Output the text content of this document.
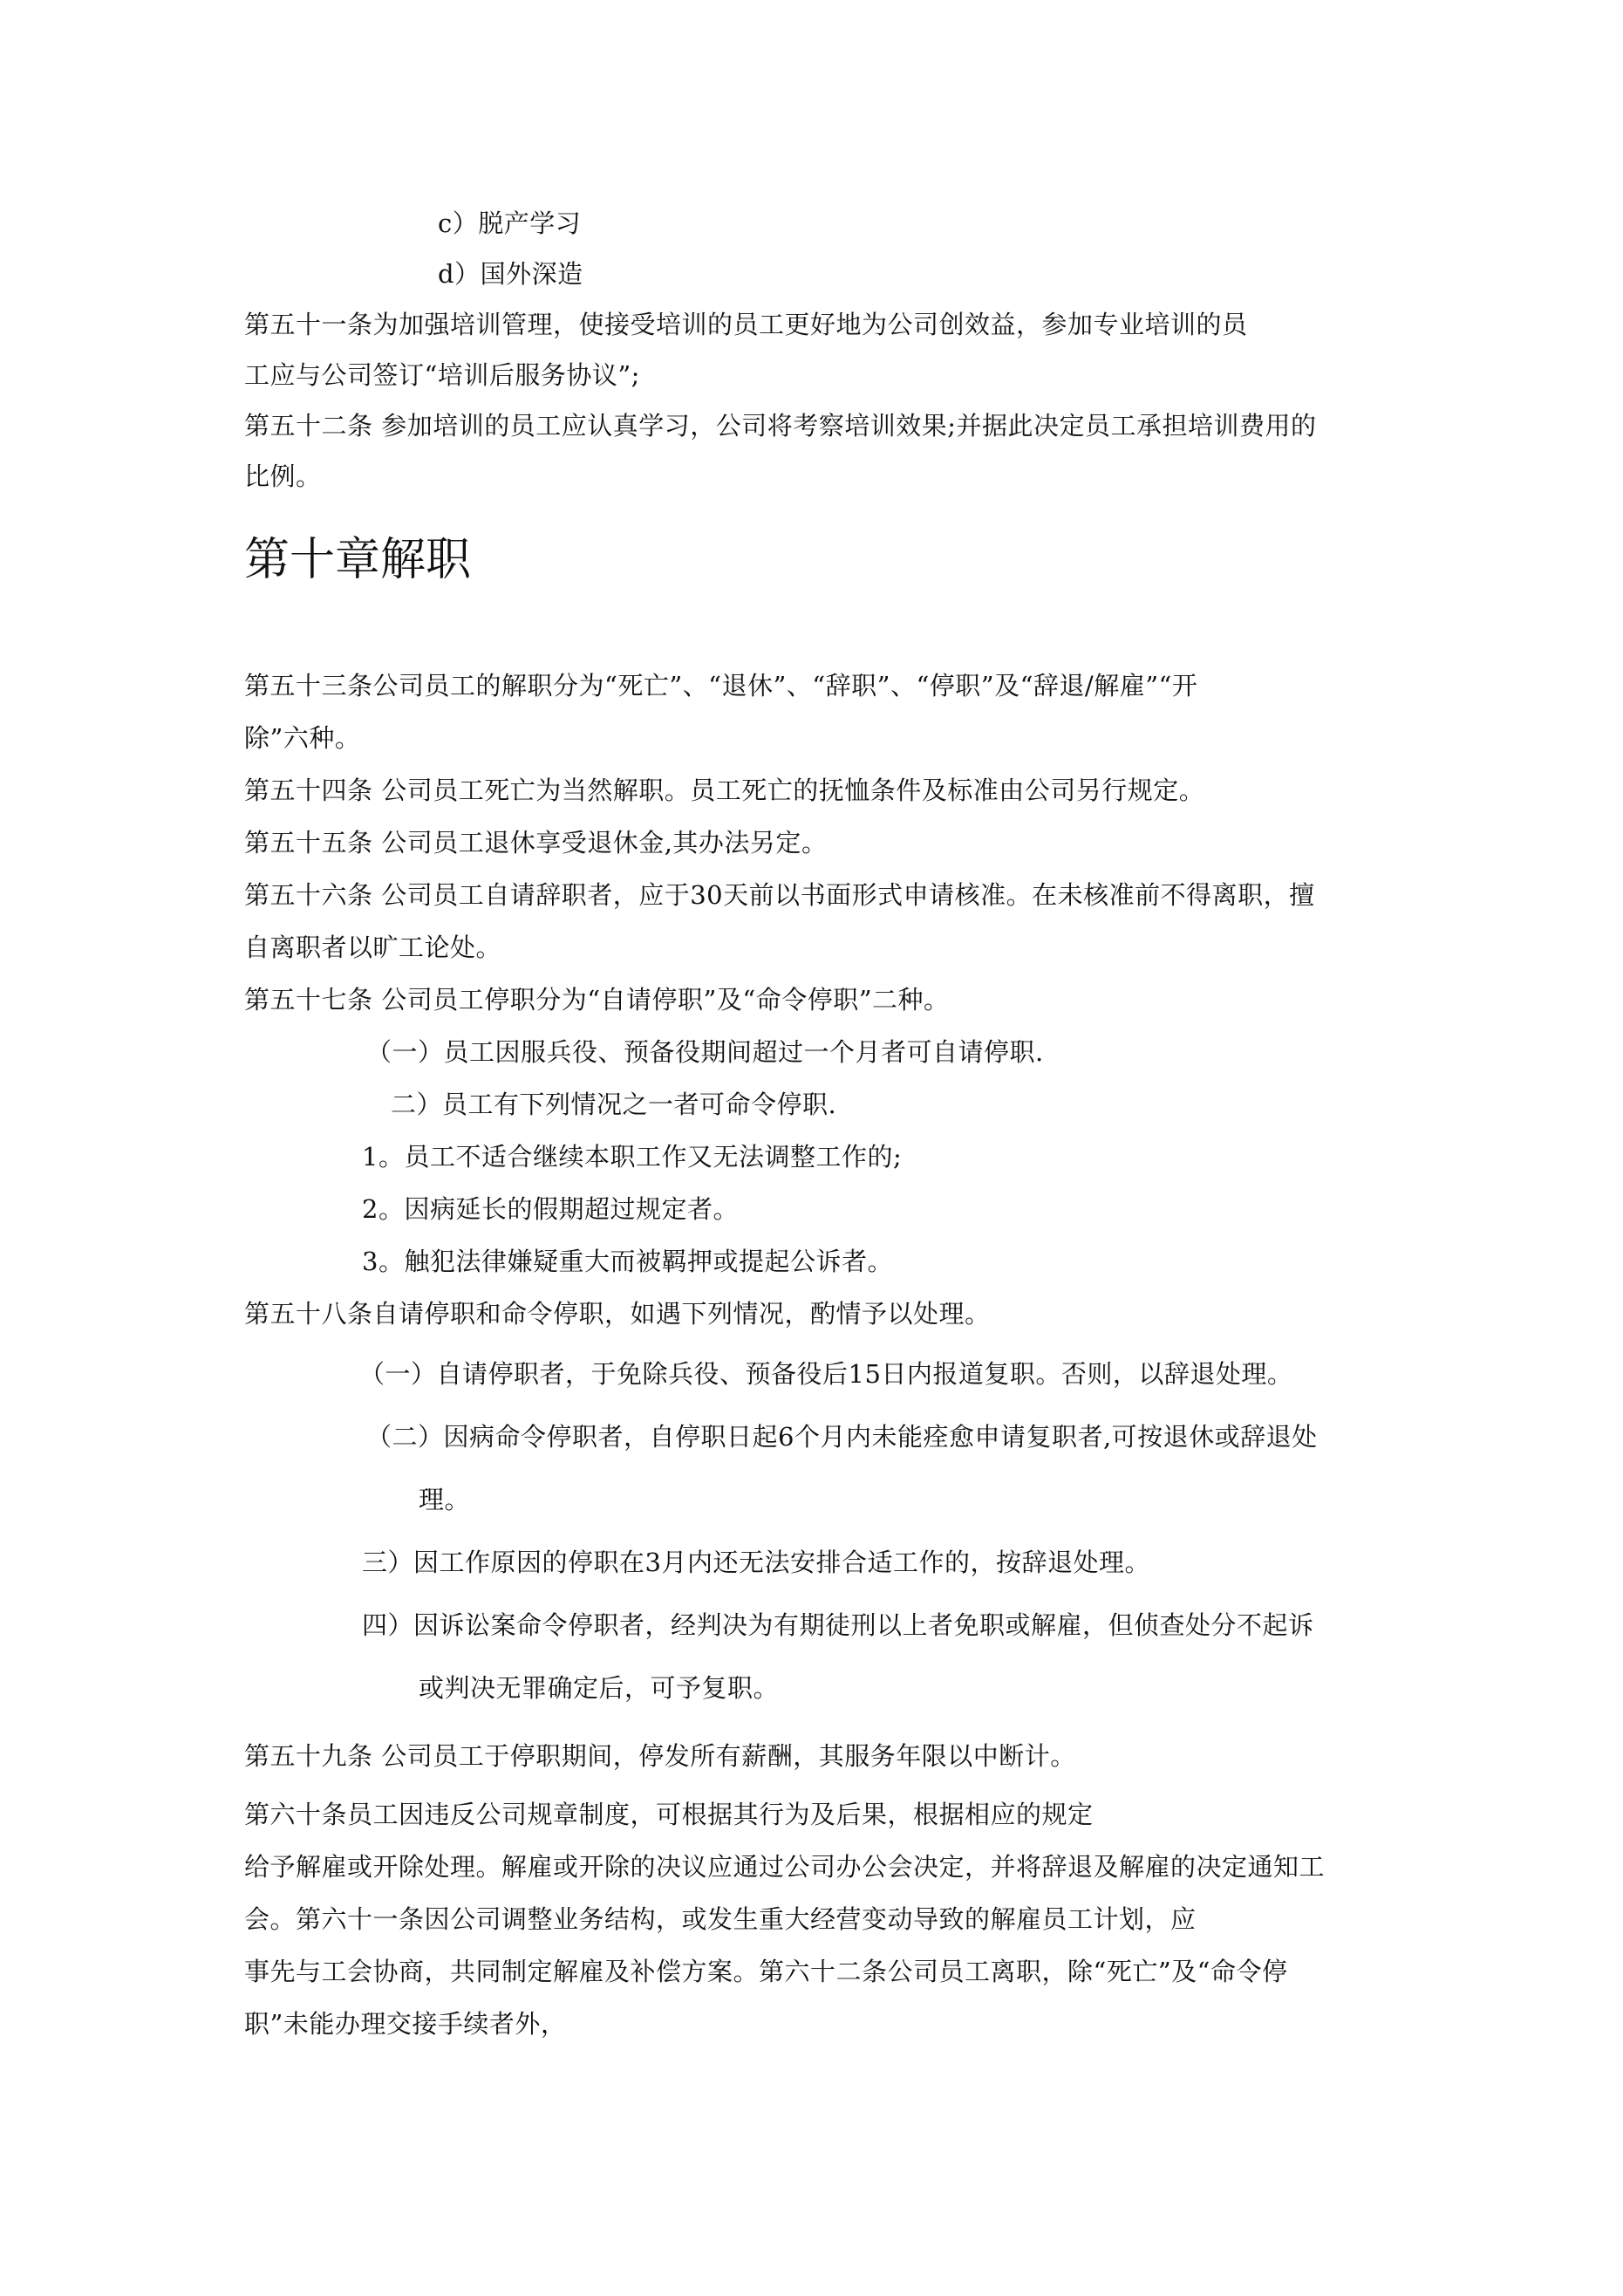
c）脱产学习
d）国外深造
第五十一条为加强培训管理，使接受培训的员工更好地为公司创效益，参加专业培训的员
工应与公司签订“培训后服务协议”;
第五十二条 参加培训的员工应认真学习，公司将考察培训效果;并据此决定员工承担培训费用的
比例。
第十章解职
第五十三条公司员工的解职分为“死亡”、“退休”、“辞职”、“停职”及“辞退/解雇”“开
除”六种。
第五十四条 公司员工死亡为当然解职。员工死亡的抚恤条件及标准由公司另行规定。
第五十五条 公司员工退休享受退休金,其办法另定。
第五十六条 公司员工自请辞职者，应于30天前以书面形式申请核准。在未核准前不得离职，擅
自离职者以旷工论处。
第五十七条 公司员工停职分为“自请停职”及“命令停职”二种。
（一）员工因服兵役、预备役期间超过一个月者可自请停职.
二）员工有下列情况之一者可命令停职.
1。员工不适合继续本职工作又无法调整工作的;
2。因病延长的假期超过规定者。
3。触犯法律嫌疑重大而被羁押或提起公诉者。
第五十八条自请停职和命令停职，如遇下列情况，酌情予以处理。
（一）自请停职者，于免除兵役、预备役后15日内报道复职。否则，以辞退处理。
（二）因病命令停职者，自停职日起6个月内未能痊愈申请复职者,可按退休或辞退处
理。
三）因工作原因的停职在3月内还无法安排合适工作的，按辞退处理。
四）因诉讼案命令停职者，经判决为有期徒刑以上者免职或解雇，但侦查处分不起诉
或判决无罪确定后，可予复职。
第五十九条 公司员工于停职期间，停发所有薪酬，其服务年限以中断计。
第六十条员工因违反公司规章制度，可根据其行为及后果，根据相应的规定
给予解雇或开除处理。解雇或开除的决议应通过公司办公会决定，并将辞退及解雇的决定通知工
会。第六十一条因公司调整业务结构，或发生重大经营变动导致的解雇员工计划，应
事先与工会协商，共同制定解雇及补偿方案。第六十二条公司员工离职，除“死亡”及“命令停
职”未能办理交接手续者外，
